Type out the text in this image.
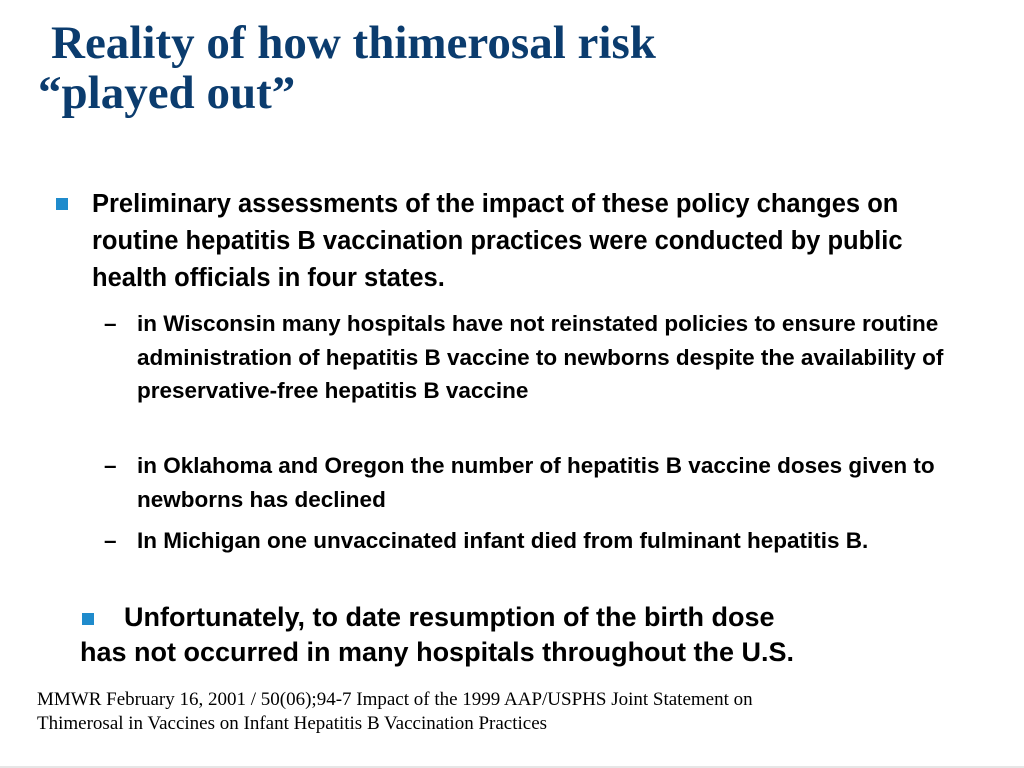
Reality of how thimerosal risk
“played out”
Preliminary assessments of the impact of these policy changes on routine hepatitis B vaccination practices were conducted by public health officials in four states.
– in Wisconsin many hospitals have not reinstated policies to ensure routine administration of hepatitis B vaccine to newborns despite the availability of preservative-free hepatitis B vaccine
– in Oklahoma and Oregon the number of hepatitis B vaccine doses given to newborns has declined
– In Michigan one unvaccinated infant died from fulminant hepatitis B.
Unfortunately, to date resumption of the birth dose
has not occurred in many hospitals throughout the U.S.
MMWR February 16, 2001 / 50(06);94-7 Impact of the 1999 AAP/USPHS Joint Statement on
Thimerosal in Vaccines on Infant Hepatitis B Vaccination Practices
